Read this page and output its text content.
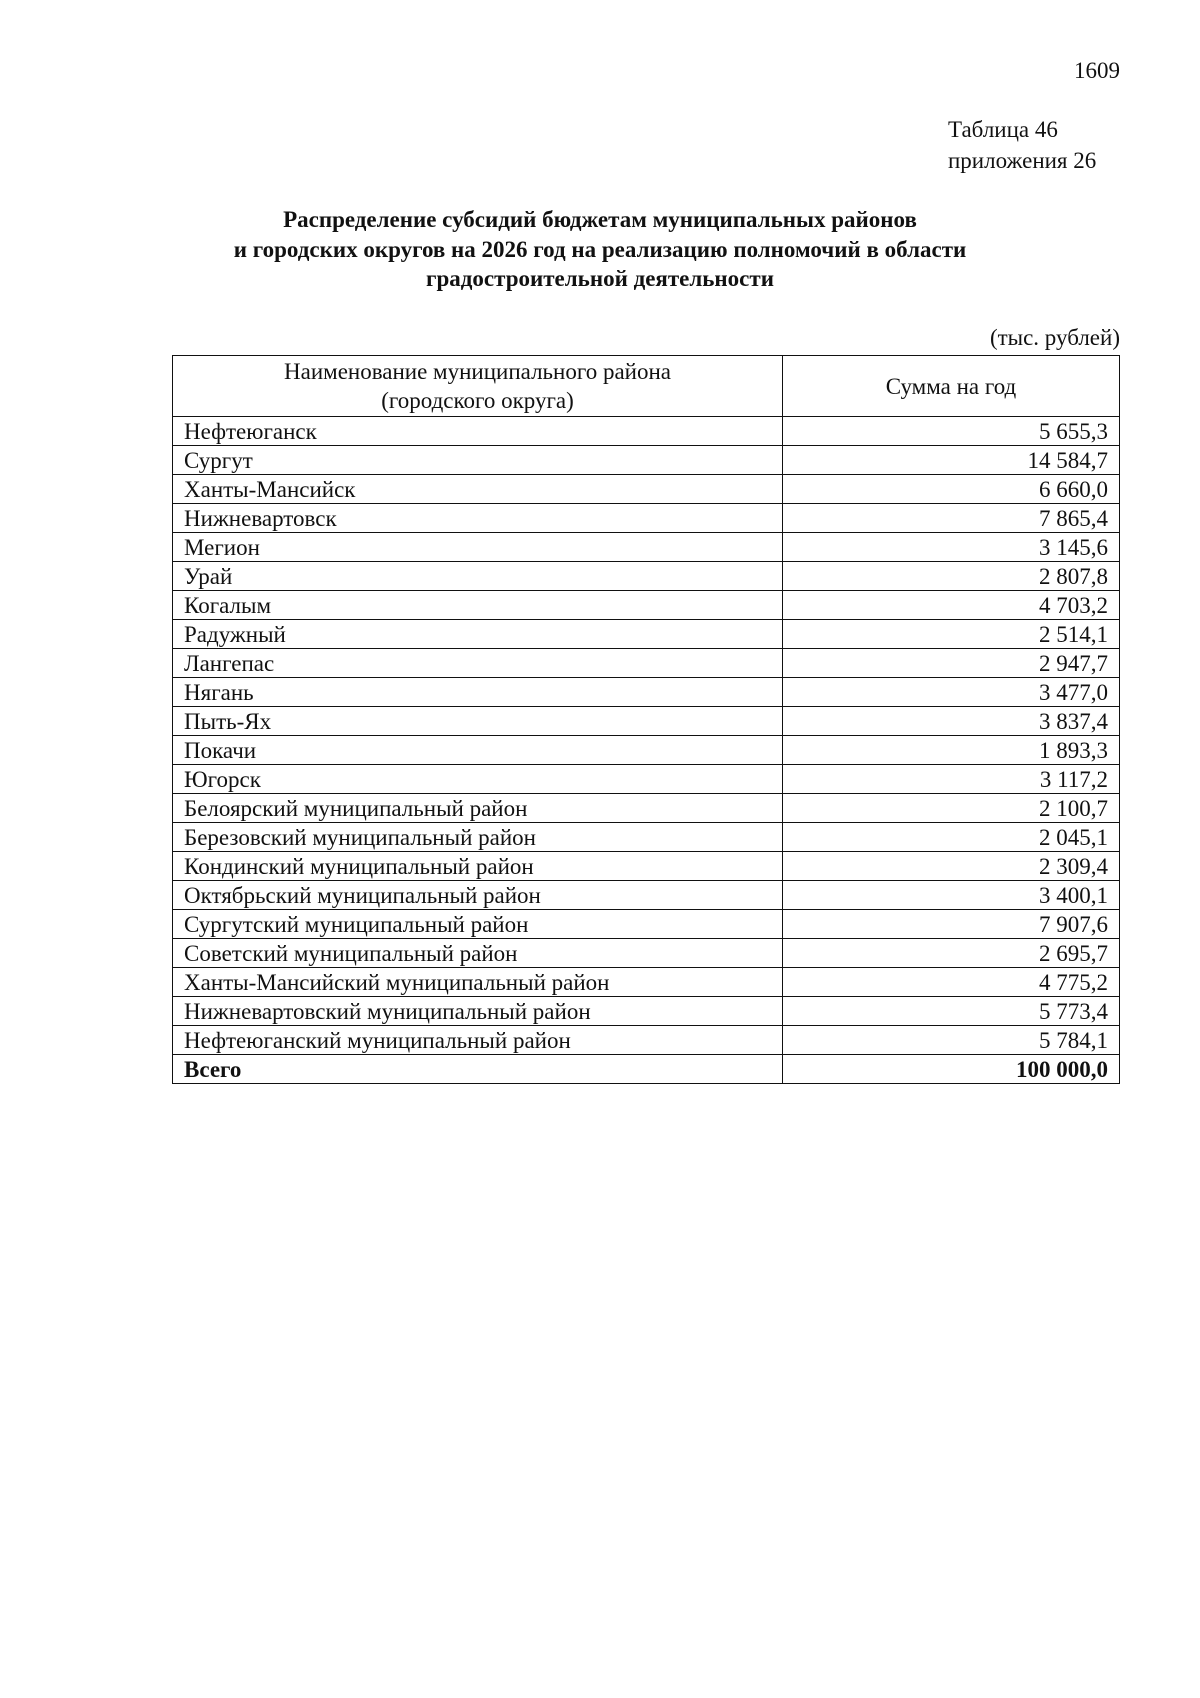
1609
Таблица 46
приложения 26
Распределение субсидий бюджетам муниципальных районов
и городских округов на 2026 год на реализацию полномочий в области
градостроительной деятельности
(тыс. рублей)
Наименование муниципального района
(городского округа)	Сумма на год
Нефтеюганск	5 655,3
Сургут	14 584,7
Ханты-Мансийск	6 660,0
Нижневартовск	7 865,4
Мегион	3 145,6
Урай	2 807,8
Когалым	4 703,2
Радужный	2 514,1
Лангепас	2 947,7
Нягань	3 477,0
Пыть-Ях	3 837,4
Покачи	1 893,3
Югорск	3 117,2
Белоярский муниципальный район	2 100,7
Березовский муниципальный район	2 045,1
Кондинский муниципальный район	2 309,4
Октябрьский муниципальный район	3 400,1
Сургутский муниципальный район	7 907,6
Советский муниципальный район	2 695,7
Ханты-Мансийский муниципальный район	4 775,2
Нижневартовский муниципальный район	5 773,4
Нефтеюганский муниципальный район	5 784,1
Всего	100 000,0
